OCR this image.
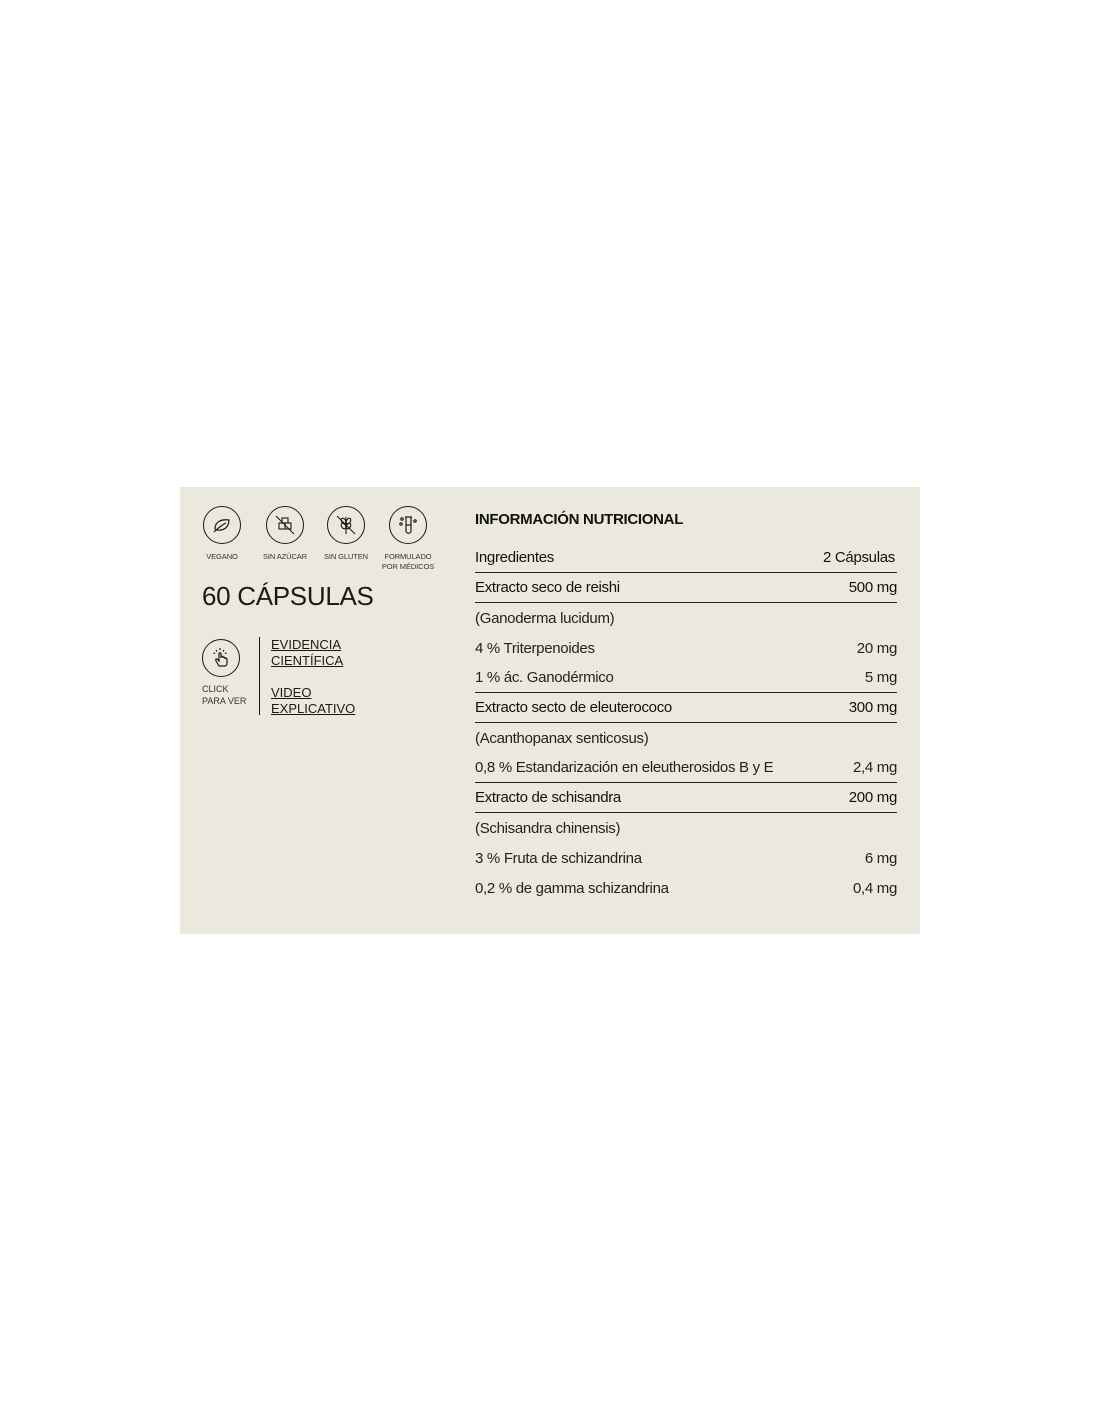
VEGANO	SIN AZÚCAR	SIN GLUTEN	FORMULADO
POR MÉDICOS
60 CÁPSULAS
CLICK
PARA VER
EVIDENCIA
CIENTÍFICA
VIDEO
EXPLICATIVO
INFORMACIÓN NUTRICIONAL
Ingredientes	2 Cápsulas
Extracto seco de reishi	500 mg
(Ganoderma lucidum)
4 % Triterpenoides	20 mg
1 % ác. Ganodérmico	5 mg
Extracto secto de eleuterococo	300 mg
(Acanthopanax senticosus)
0,8 % Estandarización en eleutherosidos B y E	2,4 mg
Extracto de schisandra	200 mg
(Schisandra chinensis)
3 % Fruta de schizandrina	6 mg
0,2 % de gamma schizandrina	0,4 mg
